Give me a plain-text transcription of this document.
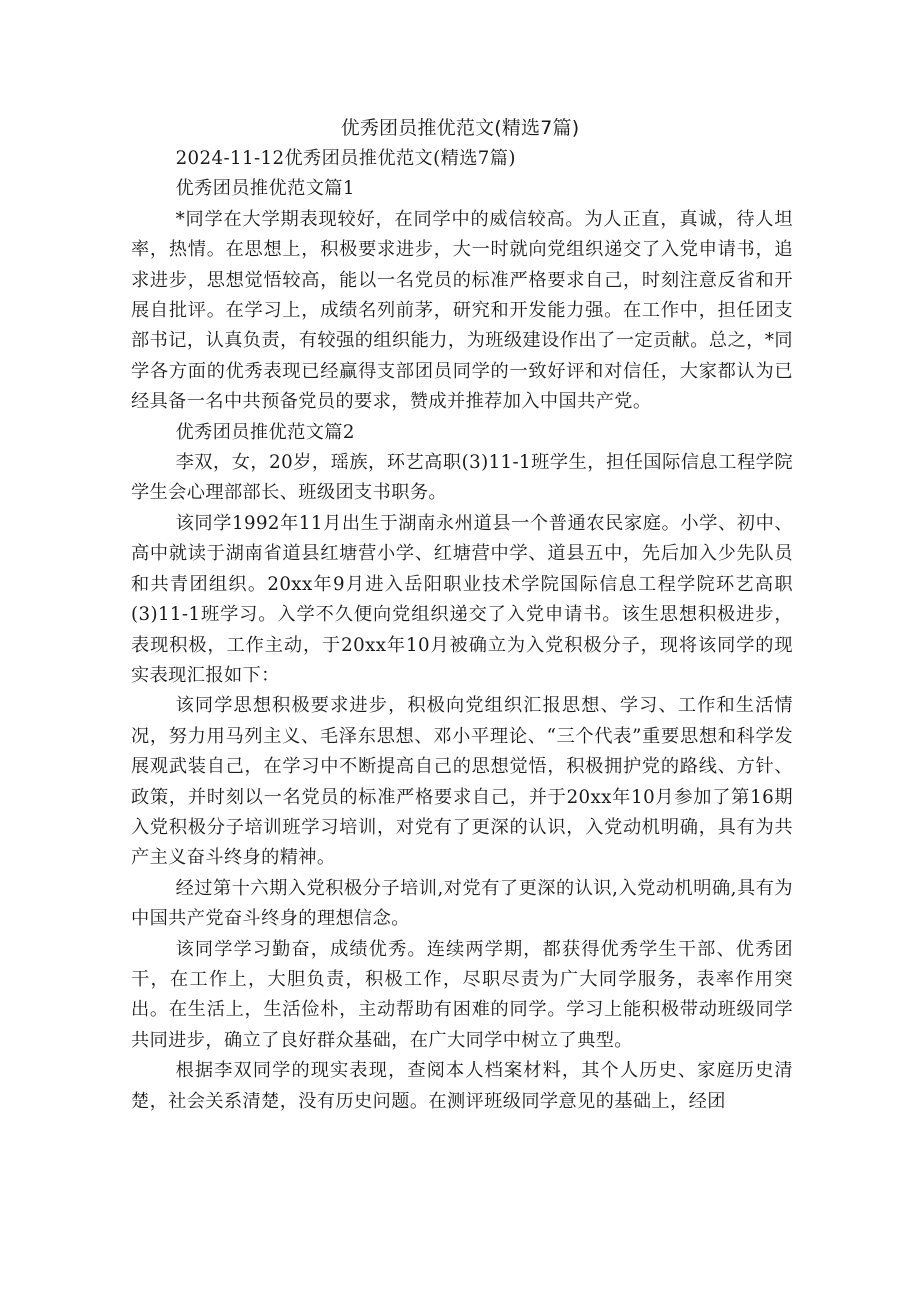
优秀团员推优范文(精选7篇)

2024-11-12优秀团员推优范文(精选7篇)

优秀团员推优范文篇1

*同学在大学期表现较好，在同学中的威信较高。为人正直，真诚，待人坦率，热情。在思想上，积极要求进步，大一时就向党组织递交了入党申请书，追求进步，思想觉悟较高，能以一名党员的标准严格要求自己，时刻注意反省和开展自批评。在学习上，成绩名列前茅，研究和开发能力强。在工作中，担任团支部书记，认真负责，有较强的组织能力，为班级建设作出了一定贡献。总之，*同学各方面的优秀表现已经赢得支部团员同学的一致好评和对信任，大家都认为已经具备一名中共预备党员的要求，赞成并推荐加入中国共产党。

优秀团员推优范文篇2

李双，女，20岁，瑶族，环艺高职(3)11-1班学生，担任国际信息工程学院学生会心理部部长、班级团支书职务。

该同学1992年11月出生于湖南永州道县一个普通农民家庭。小学、初中、高中就读于湖南省道县红塘营小学、红塘营中学、道县五中，先后加入少先队员和共青团组织。20xx年9月进入岳阳职业技术学院国际信息工程学院环艺高职(3)11-1班学习。入学不久便向党组织递交了入党申请书。该生思想积极进步，表现积极，工作主动，于20xx年10月被确立为入党积极分子，现将该同学的现实表现汇报如下：

该同学思想积极要求进步，积极向党组织汇报思想、学习、工作和生活情况，努力用马列主义、毛泽东思想、邓小平理论、“三个代表”重要思想和科学发展观武装自己，在学习中不断提高自己的思想觉悟，积极拥护党的路线、方针、政策，并时刻以一名党员的标准严格要求自己，并于20xx年10月参加了第16期入党积极分子培训班学习培训，对党有了更深的认识，入党动机明确，具有为共产主义奋斗终身的精神。

经过第十六期入党积极分子培训,对党有了更深的认识,入党动机明确,具有为中国共产党奋斗终身的理想信念。

该同学学习勤奋，成绩优秀。连续两学期，都获得优秀学生干部、优秀团干，在工作上，大胆负责，积极工作，尽职尽责为广大同学服务，表率作用突出。在生活上，生活俭朴，主动帮助有困难的同学。学习上能积极带动班级同学共同进步，确立了良好群众基础，在广大同学中树立了典型。

根据李双同学的现实表现，查阅本人档案材料，其个人历史、家庭历史清楚，社会关系清楚，没有历史问题。在测评班级同学意见的基础上，经团
